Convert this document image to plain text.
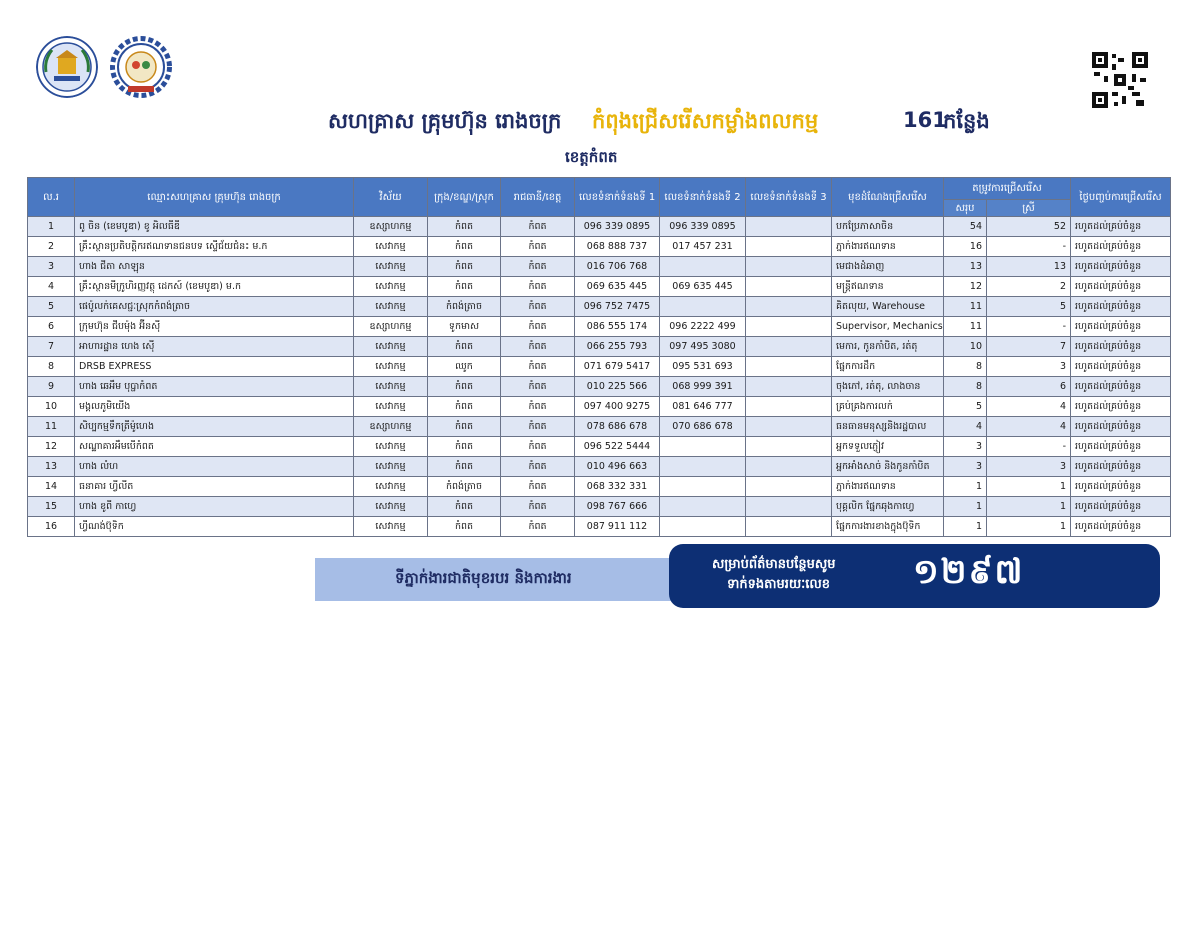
សហគ្រាស គ្រុមហ៊ុន រោងចក្រ កំពុងជ្រើសរើសកម្លាំងពលកម្ម	161
កន្លែង
ខេត្តកំពត
ល.រ	ឈ្មោះសហគ្រាស គ្រុមហ៊ុន រោងចក្រ	វិស័យ	ក្រុង/ខណ្ឌ/ស្រុក	រាជធានី/ខេត្ត	លេខទំនាក់ទំនងទី 1	លេខទំនាក់ទំនងទី 2	លេខទំនាក់ទំនងទី 3	មុខដំណែងជ្រើសរើស	តម្រូវការជ្រើសរើស		ថ្ងៃបញ្ចប់ការជ្រើសរើស
									សរុប	ស្រី	
1	ពូ ចិន (ខេមបូឌា) ខូ អិលធីឌី	ឧស្សាហកម្ម	កំពត	កំពត	096 339 0895	096 339 0895		បកប្រែភាសាចិន	54	52	រហូតដល់គ្រប់ចំនួន
2	គ្រឹះស្ថានប្រតិបត្តិករឥណទានជនបទ ស្ទើជ័យជំនះ ម.ក	សេវាកម្ម	កំពត	កំពត	068 888 737	017 457 231		ភ្នាក់ងារឥណទាន	16	-	រហូតដល់គ្រប់ចំនួន
3	ហាង ជីតា សាឡុន	សេវាកម្ម	កំពត	កំពត	016 706 768			មេជាងដំឆាញ	13	13	រហូតដល់គ្រប់ចំនួន
4	គ្រឹះស្ថានមីក្រូហិរញ្ញវត្ថុ ដេកស៍ (ខេមបូឌា) ម.ក	សេវាកម្ម	កំពត	កំពត	069 635 445	069 635 445		មន្ត្រីឥណទាន	12	2	រហូតដល់គ្រប់ចំនួន
5	ផេប៉ូលក់គេសជ្ជៈស្រុកកំពង់ត្រាច	សេវាកម្ម	កំពង់ត្រាច	កំពត	096 752 7475			គិតលុយ, Warehouse	11	5	រហូតដល់គ្រប់ចំនួន
6	ក្រុមហ៊ុន ជីបម៉ុង អ៊ីនស៊ី	ឧស្សាហកម្ម	ទូកមាស	កំពត	086 555 174	096 2222 499		Supervisor, Mechanics	11	-	រហូតដល់គ្រប់ចំនួន
7	អាហារដ្ឋាន ហេង ស៊ើ	សេវាកម្ម	កំពត	កំពត	066 255 793	097 495 3080		មេការ, កូនកាំបិត, រត់តុ	10	7	រហូតដល់គ្រប់ចំនួន
8	DRSB EXPRESS	សេវាកម្ម	ឈូក	កំពត	071 679 5417	095 531 693		ផ្នែកការដឹក	8	3	រហូតដល់គ្រប់ចំនួន
9	ហាង ឆេអឹម បុប្ផាកំពត	សេវាកម្ម	កំពត	កំពត	010 225 566	068 999 391		ចុងភៅ, រត់តុ, លាងចាន	8	6	រហូតដល់គ្រប់ចំនួន
10	មង្គលភូមិយើង	សេវាកម្ម	កំពត	កំពត	097 400 9275	081 646 777		គ្រប់គ្រងការលក់	5	4	រហូតដល់គ្រប់ចំនួន
11	សិប្បកម្មទឹកត្រីម៉ូហេង	ឧស្សាហកម្ម	កំពត	កំពត	078 686 678	070 686 678		ធនធានមនុស្សនិងរដ្ឋបាល	4	4	រហូតដល់គ្រប់ចំនួន
12	សណ្ឋាគារអឹមបើកំពត	សេវាកម្ម	កំពត	កំពត	096 522 5444			អ្នកទទួលភ្ញៀវ	3	-	រហូតដល់គ្រប់ចំនួន
13	ហាង លំហ	សេវាកម្ម	កំពត	កំពត	010 496 663			អ្នកអាំងសាច់ និងកូនកាំបិត	3	3	រហូតដល់គ្រប់ចំនួន
14	ធនាគារ ហ្វីលីត	សេវាកម្ម	កំពង់ត្រាច	កំពត	068 332 331			ភ្នាក់ងារឥណទាន	1	1	រហូតដល់គ្រប់ចំនួន
15	ហាង ខូពី កាហ្វេ	សេវាកម្ម	កំពត	កំពត	098 767 666			បុគ្គលិក ផ្នែកឆុងកាហ្វេ	1	1	រហូតដល់គ្រប់ចំនួន
16	ហ្វីណង់ប៊ុទិក	សេវាកម្ម	កំពត	កំពត	087 911 112			ផ្នែកការងារខាងក្នុងប៊ុទិក	1	1	រហូតដល់គ្រប់ចំនួន
ទីភ្នាក់ងារជាតិមុខរបរ និងការងារ
សម្រាប់ព័ត៌មានបន្ថែមសូម
ទាក់ទងតាមរយៈលេខ ១២៩៧
